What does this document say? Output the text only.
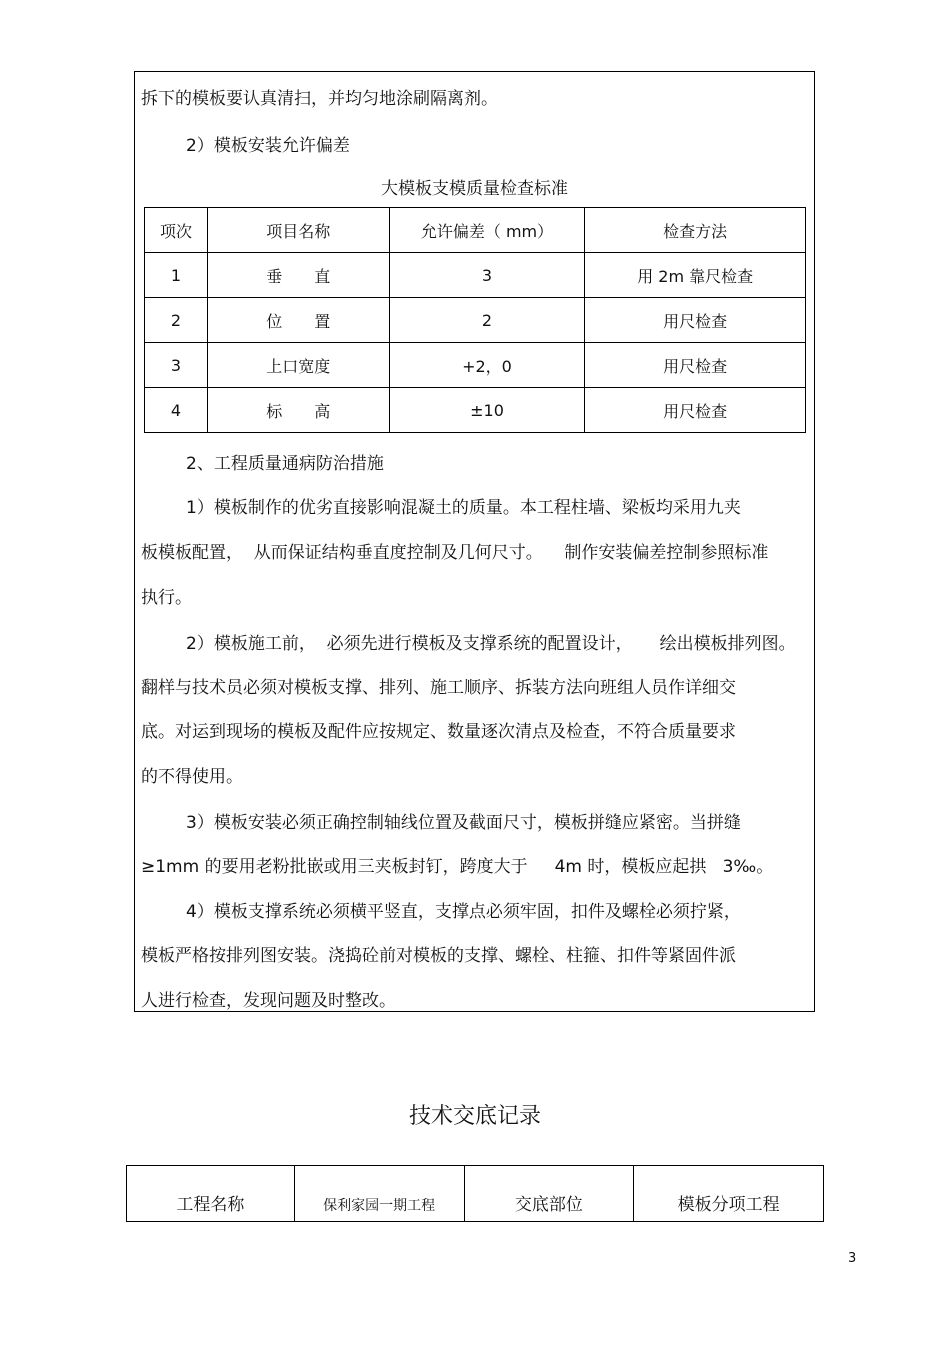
拆下的模板要认真清扫，并均匀地涂刷隔离剂。
2）模板安装允许偏差
大模板支模质量检查标准
项次	项目名称	允许偏差（ mm）	检查方法
1	垂　　直	3	用 2m 靠尺检查
2	位　　置	2	用尺检查
3	上口宽度	+2，0	用尺检查
4	标　　高	±10	用尺检查
2、工程质量通病防治措施
1）模板制作的优劣直接影响混凝土的质量。本工程柱墙、梁板均采用九夹
板模板配置，  从而保证结构垂直度控制及几何尺寸。    制作安装偏差控制参照标准
执行。
2）模板施工前，  必须先进行模板及支撑系统的配置设计，     绘出模板排列图。
翻样与技术员必须对模板支撑、排列、施工顺序、拆装方法向班组人员作详细交
底。对运到现场的模板及配件应按规定、数量逐次清点及检查，不符合质量要求
的不得使用。
3）模板安装必须正确控制轴线位置及截面尺寸，模板拼缝应紧密。当拼缝
≥1mm 的要用老粉批嵌或用三夹板封钉，跨度大于     4m 时，模板应起拱   3‰。
4）模板支撑系统必须横平竖直，支撑点必须牢固，扣件及螺栓必须拧紧，
模板严格按排列图安装。浇捣砼前对模板的支撑、螺栓、柱箍、扣件等紧固件派
人进行检查，发现问题及时整改。
技术交底记录
工程名称	保利家园一期工程	交底部位	模板分项工程
3
